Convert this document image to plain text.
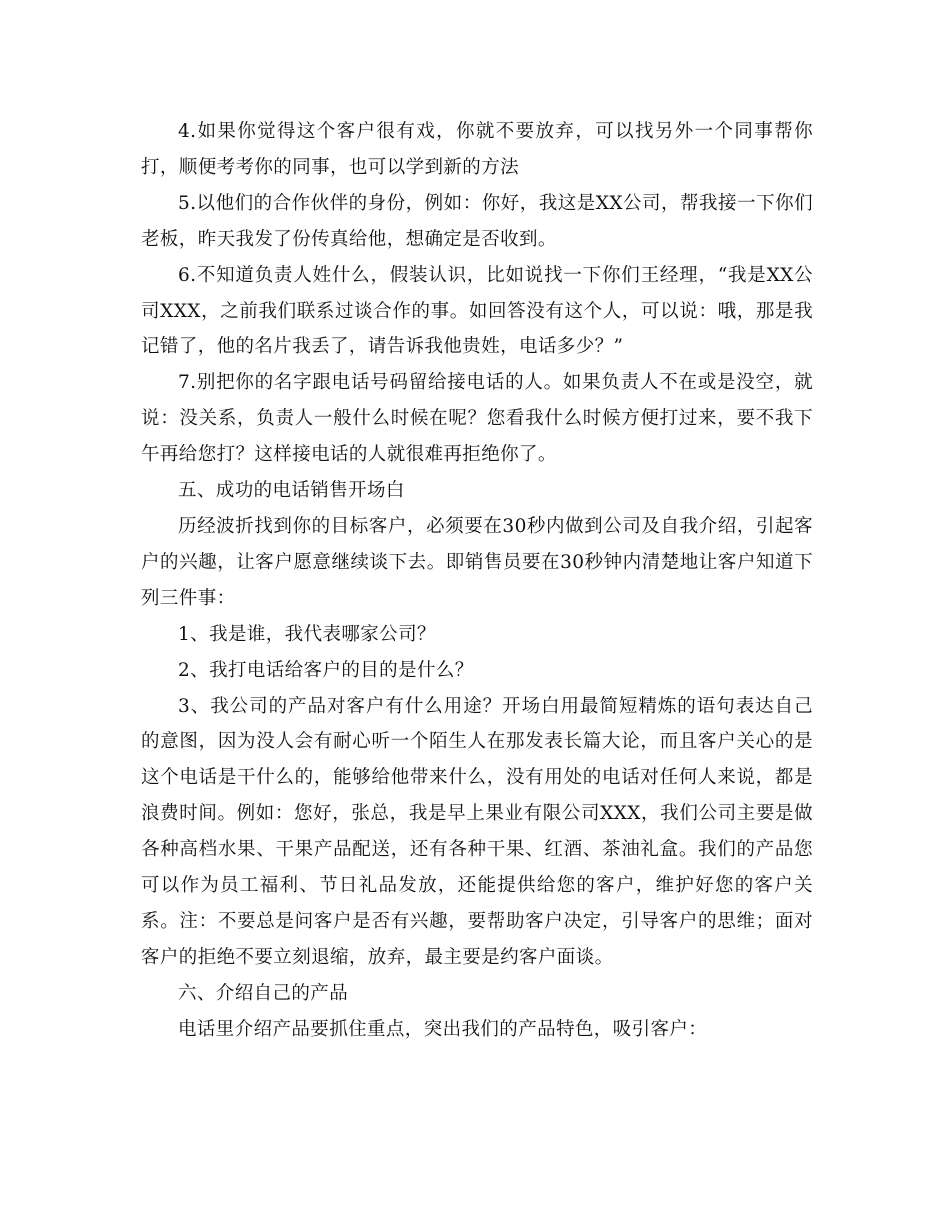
4.如果你觉得这个客户很有戏，你就不要放弃，可以找另外一个同事帮你打，顺便考考你的同事，也可以学到新的方法

5.以他们的合作伙伴的身份，例如：你好，我这是XX公司，帮我接一下你们老板，昨天我发了份传真给他，想确定是否收到。

6.不知道负责人姓什么，假装认识，比如说找一下你们王经理，“我是XX公司XXX，之前我们联系过谈合作的事。如回答没有这个人，可以说：哦，那是我记错了，他的名片我丢了，请告诉我他贵姓，电话多少？”

7.别把你的名字跟电话号码留给接电话的人。如果负责人不在或是没空，就说：没关系，负责人一般什么时候在呢？您看我什么时候方便打过来，要不我下午再给您打？这样接电话的人就很难再拒绝你了。

五、成功的电话销售开场白

历经波折找到你的目标客户，必须要在30秒内做到公司及自我介绍，引起客户的兴趣，让客户愿意继续谈下去。即销售员要在30秒钟内清楚地让客户知道下列三件事：

1、我是谁，我代表哪家公司？

2、我打电话给客户的目的是什么？

3、我公司的产品对客户有什么用途？开场白用最简短精炼的语句表达自己的意图，因为没人会有耐心听一个陌生人在那发表长篇大论，而且客户关心的是这个电话是干什么的，能够给他带来什么，没有用处的电话对任何人来说，都是浪费时间。例如：您好，张总，我是早上果业有限公司XXX，我们公司主要是做各种高档水果、干果产品配送，还有各种干果、红酒、茶油礼盒。我们的产品您可以作为员工福利、节日礼品发放，还能提供给您的客户，维护好您的客户关系。注：不要总是问客户是否有兴趣，要帮助客户决定，引导客户的思维；面对客户的拒绝不要立刻退缩，放弃，最主要是约客户面谈。

六、介绍自己的产品

电话里介绍产品要抓住重点，突出我们的产品特色，吸引客户：
